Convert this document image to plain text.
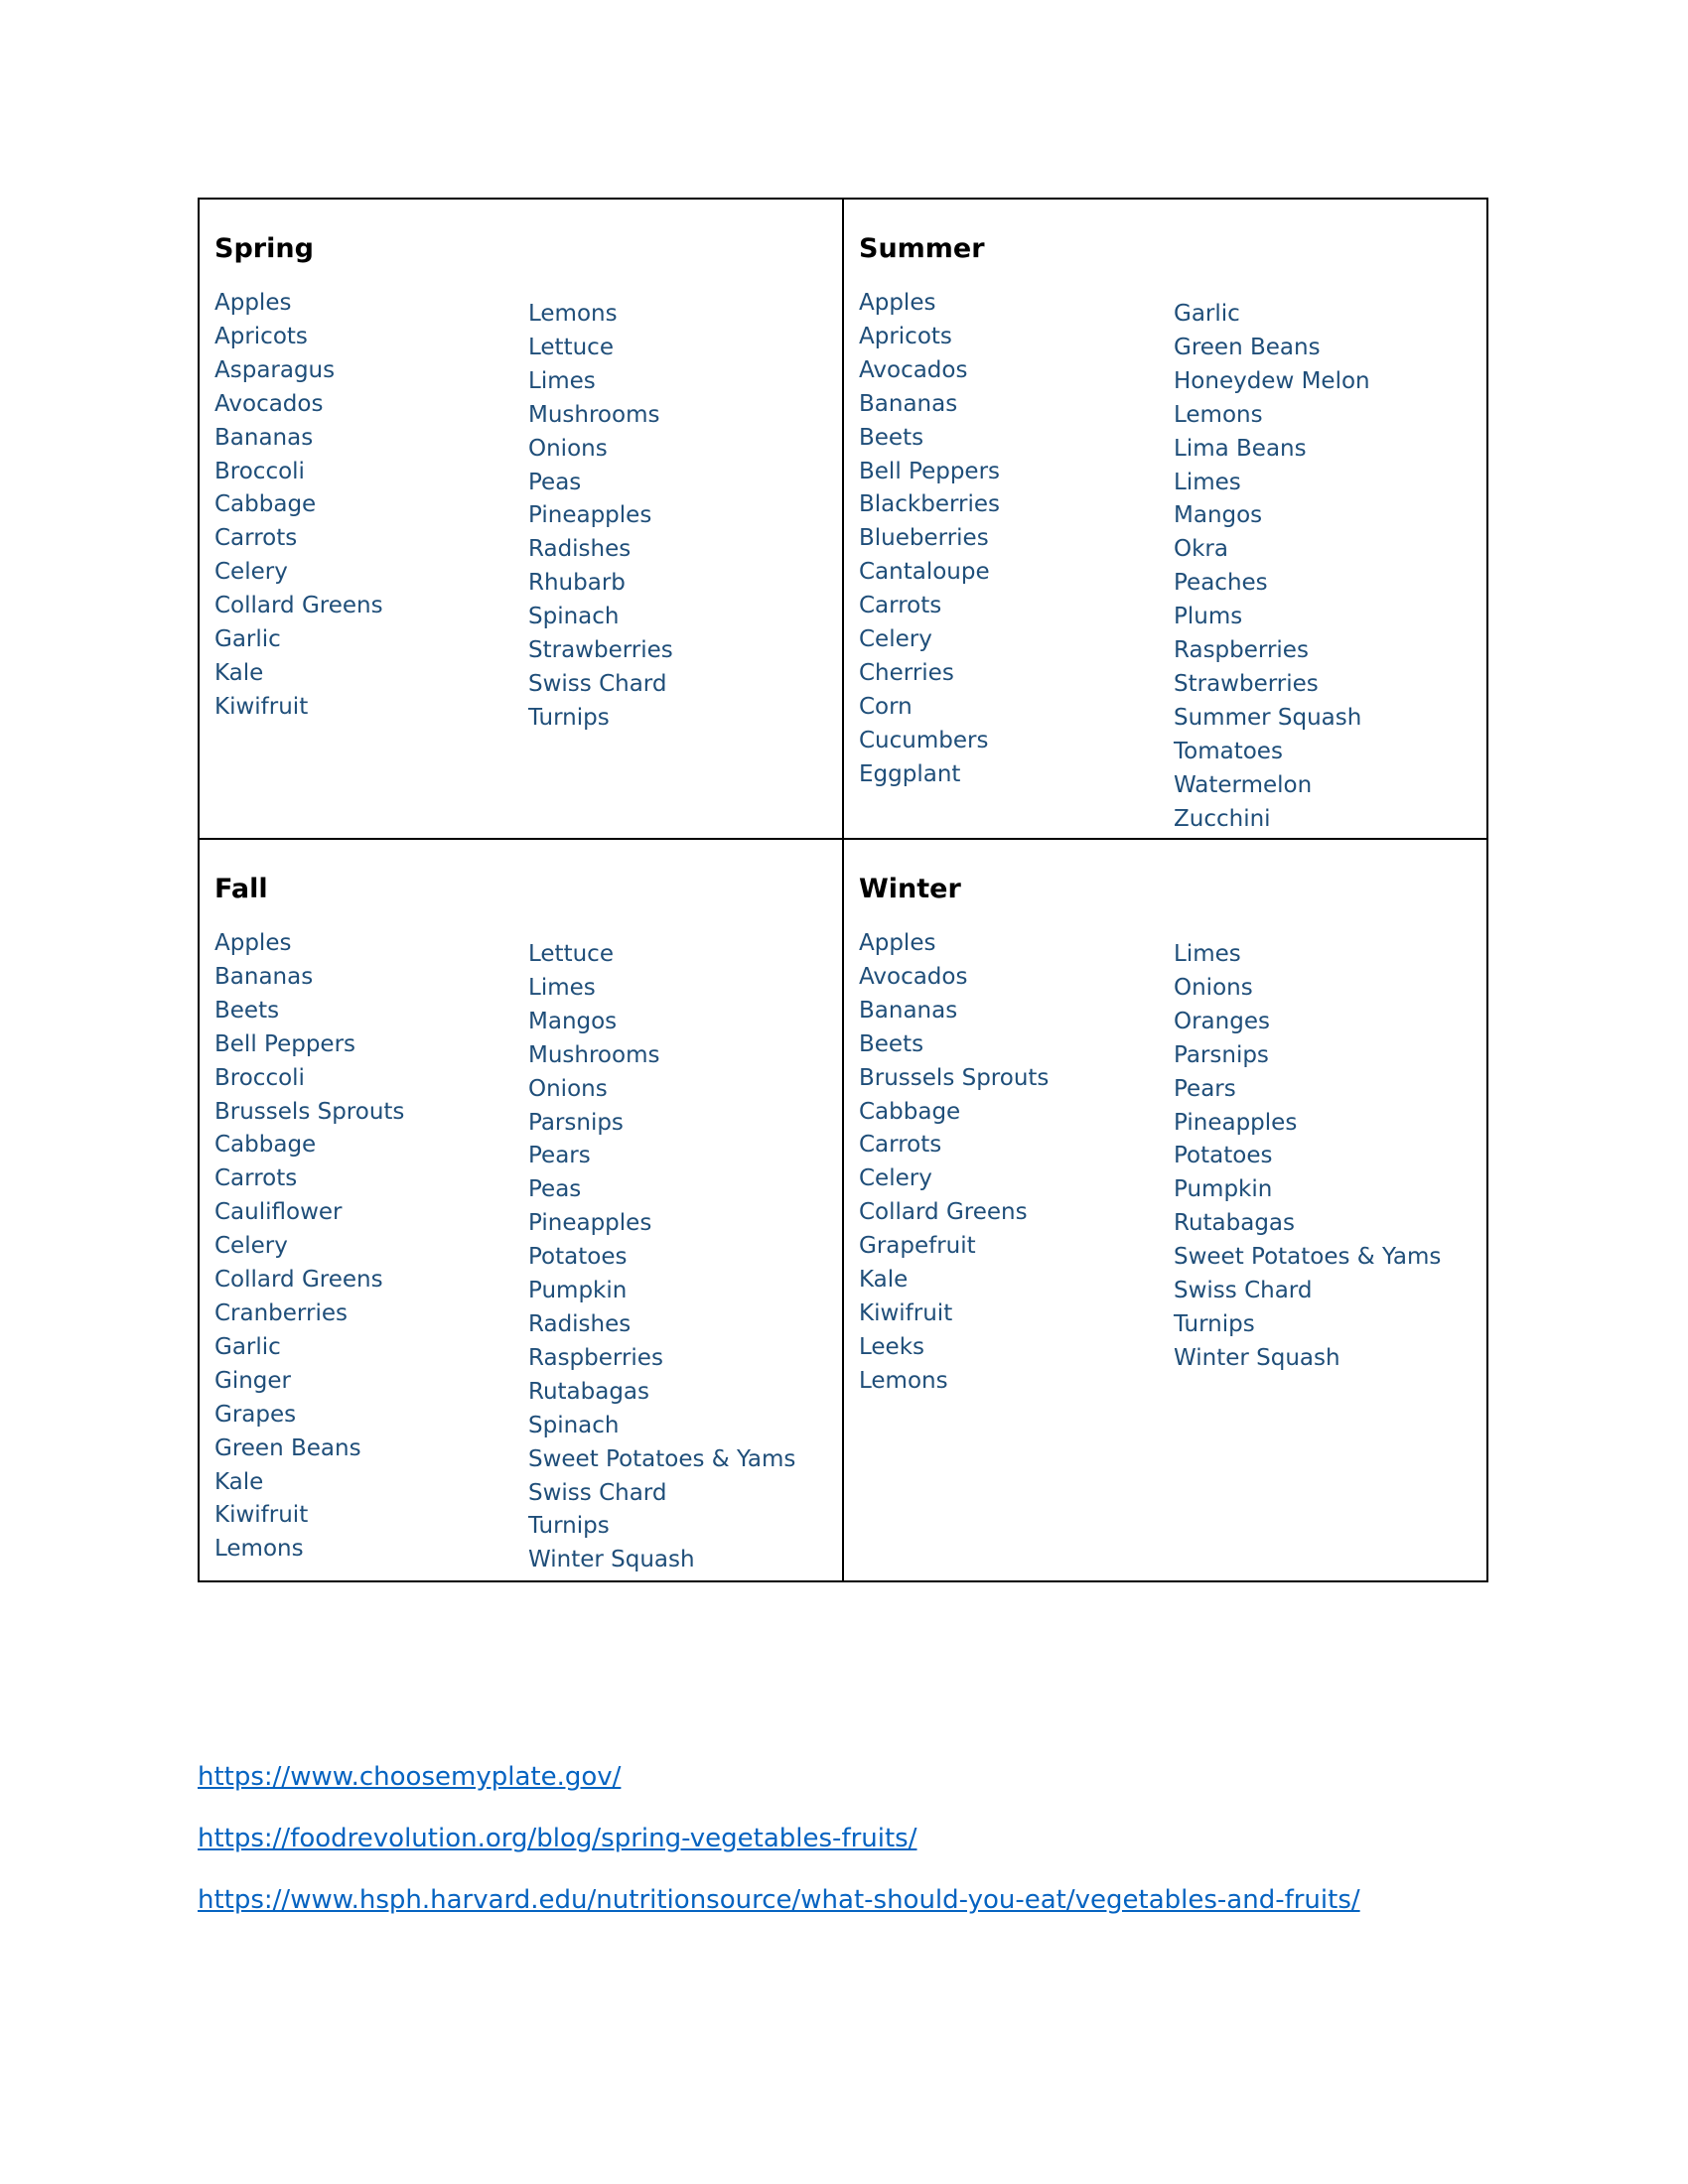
Spring
Apples
Apricots
Asparagus
Avocados
Bananas
Broccoli
Cabbage
Carrots
Celery
Collard Greens
Garlic
Kale
Kiwifruit
Lemons
Lettuce
Limes
Mushrooms
Onions
Peas
Pineapples
Radishes
Rhubarb
Spinach
Strawberries
Swiss Chard
Turnips
Summer
Apples
Apricots
Avocados
Bananas
Beets
Bell Peppers
Blackberries
Blueberries
Cantaloupe
Carrots
Celery
Cherries
Corn
Cucumbers
Eggplant
Garlic
Green Beans
Honeydew Melon
Lemons
Lima Beans
Limes
Mangos
Okra
Peaches
Plums
Raspberries
Strawberries
Summer Squash
Tomatoes
Watermelon
Zucchini
Fall
Apples
Bananas
Beets
Bell Peppers
Broccoli
Brussels Sprouts
Cabbage
Carrots
Cauliflower
Celery
Collard Greens
Cranberries
Garlic
Ginger
Grapes
Green Beans
Kale
Kiwifruit
Lemons
Lettuce
Limes
Mangos
Mushrooms
Onions
Parsnips
Pears
Peas
Pineapples
Potatoes
Pumpkin
Radishes
Raspberries
Rutabagas
Spinach
Sweet Potatoes & Yams
Swiss Chard
Turnips
Winter Squash
Winter
Apples
Avocados
Bananas
Beets
Brussels Sprouts
Cabbage
Carrots
Celery
Collard Greens
Grapefruit
Kale
Kiwifruit
Leeks
Lemons
Limes
Onions
Oranges
Parsnips
Pears
Pineapples
Potatoes
Pumpkin
Rutabagas
Sweet Potatoes & Yams
Swiss Chard
Turnips
Winter Squash
https://www.choosemyplate.gov/
https://foodrevolution.org/blog/spring-vegetables-fruits/
https://www.hsph.harvard.edu/nutritionsource/what-should-you-eat/vegetables-and-fruits/
